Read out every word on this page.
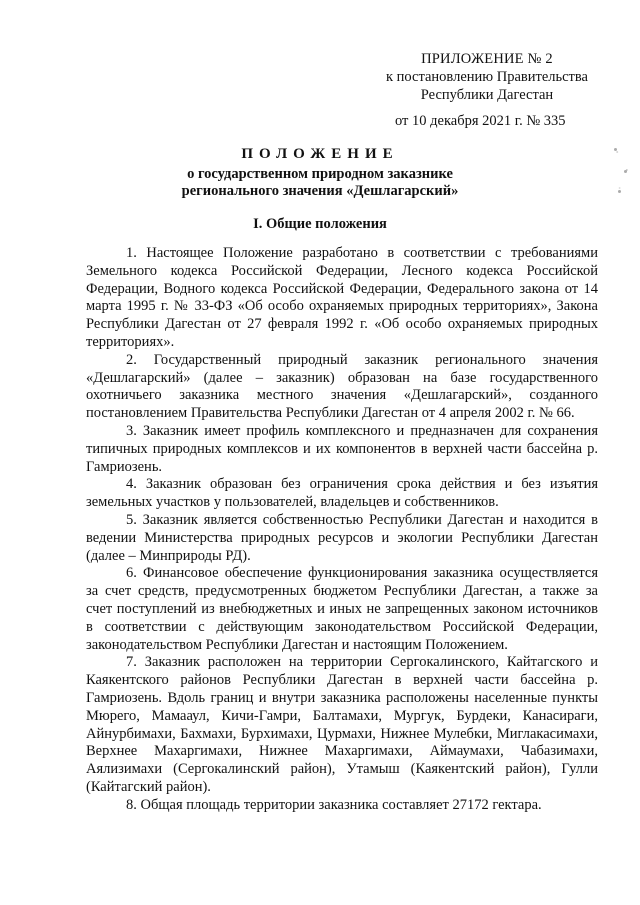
ПРИЛОЖЕНИЕ № 2
к постановлению Правительства
Республики Дагестан
от 10 декабря 2021 г. № 335
ПОЛОЖЕНИЕ
о государственном природном заказнике
регионального значения «Дешлагарский»
I. Общие положения

1. Настоящее Положение разработано в соответствии с требованиями Земельного кодекса Российской Федерации, Лесного кодекса Российской Федерации, Водного кодекса Российской Федерации, Федерального закона от 14 марта 1995 г. № 33-ФЗ «Об особо охраняемых природных территориях», Закона Республики Дагестан от 27 февраля 1992 г. «Об особо охраняемых природных территориях».

2. Государственный природный заказник регионального значения «Дешлагарский» (далее – заказник) образован на базе государственного охотничьего заказника местного значения «Дешлагарский», созданного постановлением Правительства Республики Дагестан от 4 апреля 2002 г. № 66.

3. Заказник имеет профиль комплексного и предназначен для сохранения типичных природных комплексов и их компонентов в верхней части бассейна р. Гамриозень.

4. Заказник образован без ограничения срока действия и без изъятия земельных участков у пользователей, владельцев и собственников.

5. Заказник является собственностью Республики Дагестан и находится в ведении Министерства природных ресурсов и экологии Республики Дагестан (далее – Минприроды РД).

6. Финансовое обеспечение функционирования заказника осуществляется за счет средств, предусмотренных бюджетом Республики Дагестан, а также за счет поступлений из внебюджетных и иных не запрещенных законом источников в соответствии с действующим законодательством Российской Федерации, законодательством Республики Дагестан и настоящим Положением.

7. Заказник расположен на территории Сергокалинского, Кайтагского и Каякентского районов Республики Дагестан в верхней части бассейна р. Гамриозень. Вдоль границ и внутри заказника расположены населенные пункты Мюрего, Мамааул, Кичи-Гамри, Балтамахи, Мургук, Бурдеки, Канасираги, Айнурбимахи, Бахмахи, Бурхимахи, Цурмахи, Нижнее Мулебки, Миглакасимахи, Верхнее Махаргимахи, Нижнее Махаргимахи, Аймаумахи, Чабазимахи, Аялизимахи (Сергокалинский район), Утамыш (Каякентский район), Гулли (Кайтагский район).

8. Общая площадь территории заказника составляет 27172 гектара.
